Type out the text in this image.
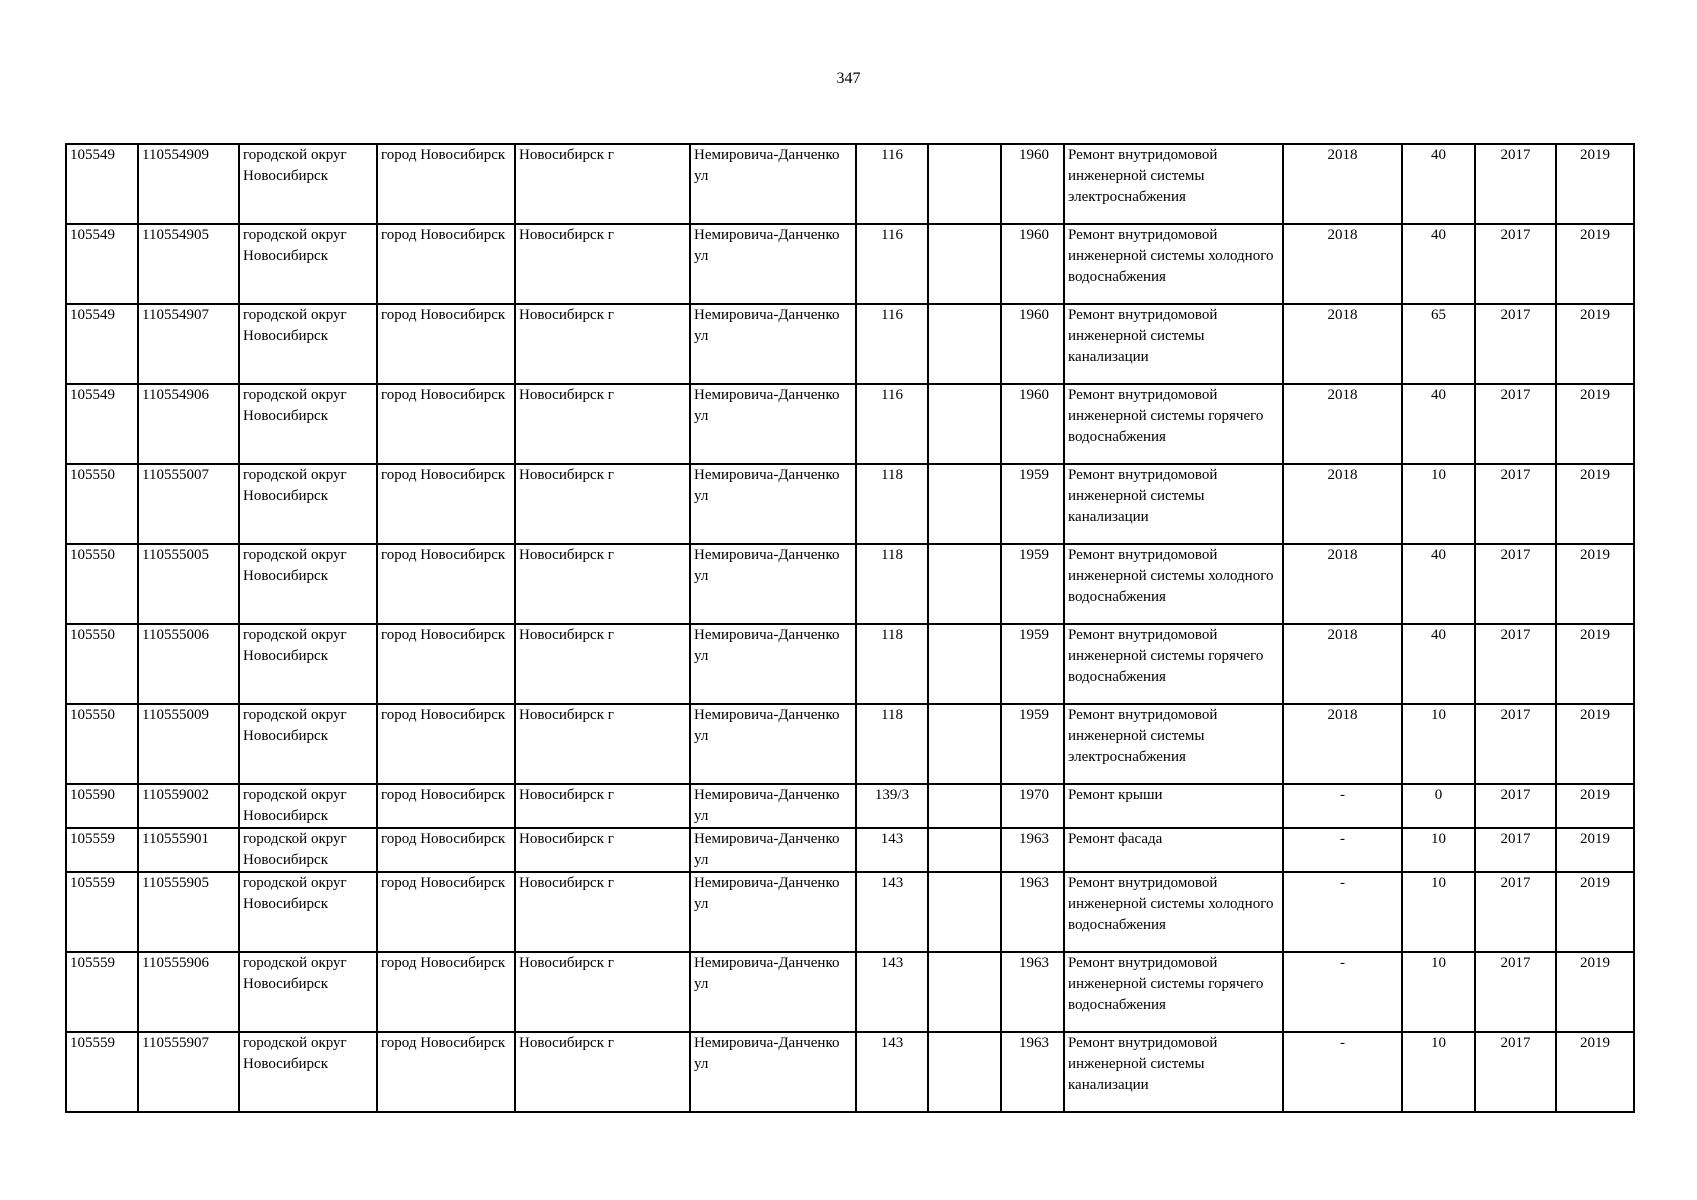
347
105549	110554909	городской округ Новосибирск	город Новосибирск	Новосибирск г	Немировича-Данченко ул	116		1960	Ремонт внутридомовой инженерной системы электроснабжения	2018	40	2017	2019
105549	110554905	городской округ Новосибирск	город Новосибирск	Новосибирск г	Немировича-Данченко ул	116		1960	Ремонт внутридомовой инженерной системы холодного водоснабжения	2018	40	2017	2019
105549	110554907	городской округ Новосибирск	город Новосибирск	Новосибирск г	Немировича-Данченко ул	116		1960	Ремонт внутридомовой инженерной системы канализации	2018	65	2017	2019
105549	110554906	городской округ Новосибирск	город Новосибирск	Новосибирск г	Немировича-Данченко ул	116		1960	Ремонт внутридомовой инженерной системы горячего водоснабжения	2018	40	2017	2019
105550	110555007	городской округ Новосибирск	город Новосибирск	Новосибирск г	Немировича-Данченко ул	118		1959	Ремонт внутридомовой инженерной системы канализации	2018	10	2017	2019
105550	110555005	городской округ Новосибирск	город Новосибирск	Новосибирск г	Немировича-Данченко ул	118		1959	Ремонт внутридомовой инженерной системы холодного водоснабжения	2018	40	2017	2019
105550	110555006	городской округ Новосибирск	город Новосибирск	Новосибирск г	Немировича-Данченко ул	118		1959	Ремонт внутридомовой инженерной системы горячего водоснабжения	2018	40	2017	2019
105550	110555009	городской округ Новосибирск	город Новосибирск	Новосибирск г	Немировича-Данченко ул	118		1959	Ремонт внутридомовой инженерной системы электроснабжения	2018	10	2017	2019
105590	110559002	городской округ Новосибирск	город Новосибирск	Новосибирск г	Немировича-Данченко ул	139/3		1970	Ремонт крыши	-	0	2017	2019
105559	110555901	городской округ Новосибирск	город Новосибирск	Новосибирск г	Немировича-Данченко ул	143		1963	Ремонт фасада	-	10	2017	2019
105559	110555905	городской округ Новосибирск	город Новосибирск	Новосибирск г	Немировича-Данченко ул	143		1963	Ремонт внутридомовой инженерной системы холодного водоснабжения	-	10	2017	2019
105559	110555906	городской округ Новосибирск	город Новосибирск	Новосибирск г	Немировича-Данченко ул	143		1963	Ремонт внутридомовой инженерной системы горячего водоснабжения	-	10	2017	2019
105559	110555907	городской округ Новосибирск	город Новосибирск	Новосибирск г	Немировича-Данченко ул	143		1963	Ремонт внутридомовой инженерной системы канализации	-	10	2017	2019
